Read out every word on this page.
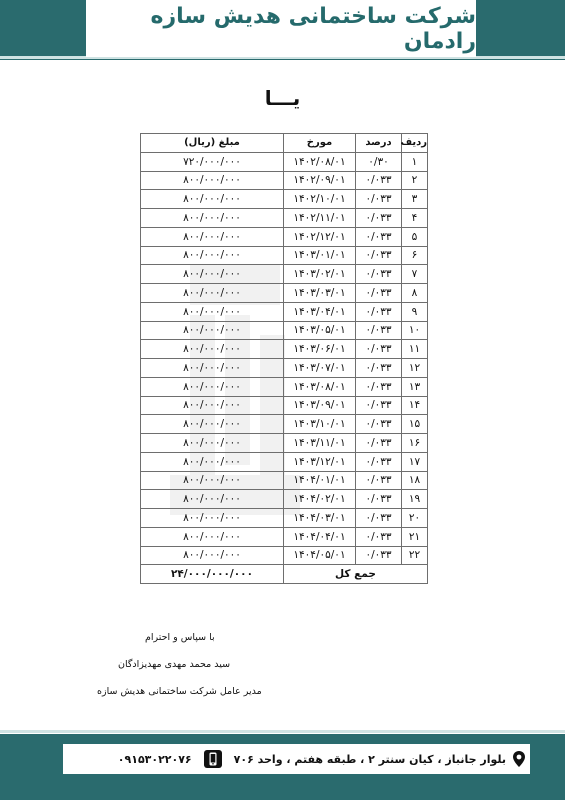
شرکت ساختمانی هدیش سازه رادمان
یـــا
ردیف	درصد	مورخ	مبلغ (ریال)
۱	۰/۳۰	۱۴۰۲/۰۸/۰۱	۷۲۰/۰۰۰/۰۰۰
۲	۰/۰۳۳	۱۴۰۲/۰۹/۰۱	۸۰۰/۰۰۰/۰۰۰
۳	۰/۰۳۳	۱۴۰۲/۱۰/۰۱	۸۰۰/۰۰۰/۰۰۰
۴	۰/۰۳۳	۱۴۰۲/۱۱/۰۱	۸۰۰/۰۰۰/۰۰۰
۵	۰/۰۳۳	۱۴۰۲/۱۲/۰۱	۸۰۰/۰۰۰/۰۰۰
۶	۰/۰۳۳	۱۴۰۳/۰۱/۰۱	۸۰۰/۰۰۰/۰۰۰
۷	۰/۰۳۳	۱۴۰۳/۰۲/۰۱	۸۰۰/۰۰۰/۰۰۰
۸	۰/۰۳۳	۱۴۰۳/۰۳/۰۱	۸۰۰/۰۰۰/۰۰۰
۹	۰/۰۳۳	۱۴۰۳/۰۴/۰۱	۸۰۰/۰۰۰/۰۰۰
۱۰	۰/۰۳۳	۱۴۰۳/۰۵/۰۱	۸۰۰/۰۰۰/۰۰۰
۱۱	۰/۰۳۳	۱۴۰۳/۰۶/۰۱	۸۰۰/۰۰۰/۰۰۰
۱۲	۰/۰۳۳	۱۴۰۳/۰۷/۰۱	۸۰۰/۰۰۰/۰۰۰
۱۳	۰/۰۳۳	۱۴۰۳/۰۸/۰۱	۸۰۰/۰۰۰/۰۰۰
۱۴	۰/۰۳۳	۱۴۰۳/۰۹/۰۱	۸۰۰/۰۰۰/۰۰۰
۱۵	۰/۰۳۳	۱۴۰۳/۱۰/۰۱	۸۰۰/۰۰۰/۰۰۰
۱۶	۰/۰۳۳	۱۴۰۳/۱۱/۰۱	۸۰۰/۰۰۰/۰۰۰
۱۷	۰/۰۳۳	۱۴۰۳/۱۲/۰۱	۸۰۰/۰۰۰/۰۰۰
۱۸	۰/۰۳۳	۱۴۰۴/۰۱/۰۱	۸۰۰/۰۰۰/۰۰۰
۱۹	۰/۰۳۳	۱۴۰۴/۰۲/۰۱	۸۰۰/۰۰۰/۰۰۰
۲۰	۰/۰۳۳	۱۴۰۴/۰۳/۰۱	۸۰۰/۰۰۰/۰۰۰
۲۱	۰/۰۳۳	۱۴۰۴/۰۴/۰۱	۸۰۰/۰۰۰/۰۰۰
۲۲	۰/۰۳۳	۱۴۰۴/۰۵/۰۱	۸۰۰/۰۰۰/۰۰۰
جمع کل			۲۴/۰۰۰/۰۰۰/۰۰۰
با سپاس و احترام
سید محمد مهدی مهدیزادگان
مدیر عامل شرکت ساختمانی هدیش سازه
بلوار جانباز ، کیان سنتر ۲ ، طبقه هفتم ، واحد ۷۰۶
۰۹۱۵۳۰۲۲۰۷۶
